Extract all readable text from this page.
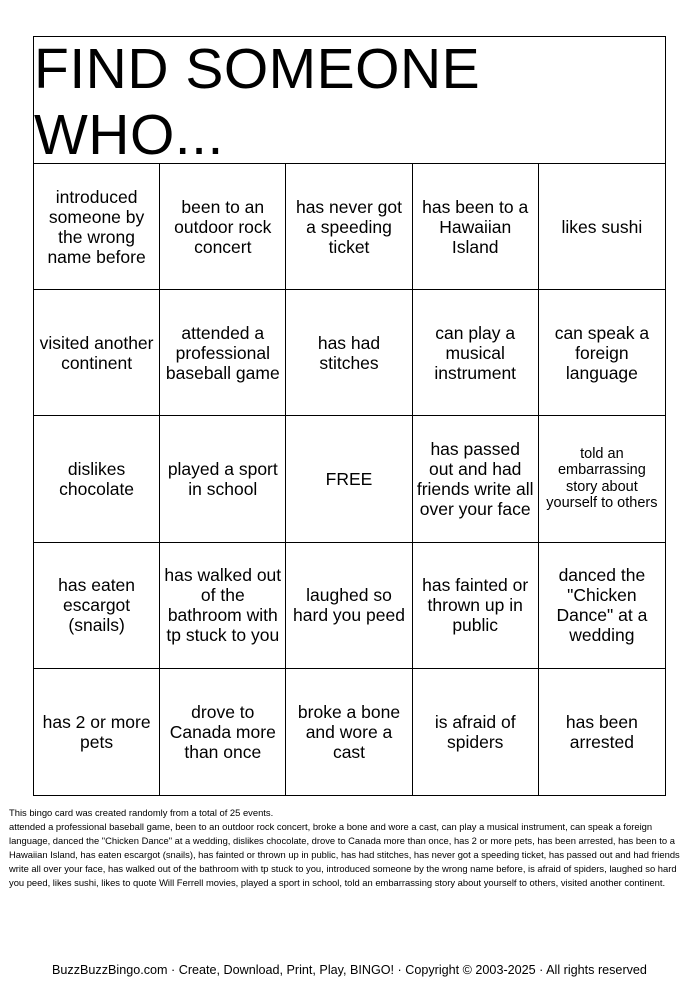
FIND SOMEONE WHO...
introduced someone by the wrong name before
been to an outdoor rock concert
has never got a speeding ticket
has been to a Hawaiian Island
likes sushi
visited another continent
attended a professional baseball game
has had stitches
can play a musical instrument
can speak a foreign language
dislikes chocolate
played a sport in school	FREE
has passed out and had friends write all over your face
told an embarrassing story about yourself to others
has eaten escargot (snails)
has walked out of the bathroom with tp stuck to you
laughed so hard you peed
has fainted or thrown up in public
danced the "Chicken Dance" at a wedding
has 2 or more pets
drove to Canada more than once
broke a bone and wore a cast
is afraid of spiders
has been arrested

This bingo card was created randomly from a total of 25 events.

attended a professional baseball game, been to an outdoor rock concert, broke a bone and wore a cast, can play a musical instrument, can speak a foreign language, danced the "Chicken Dance" at a wedding, dislikes chocolate, drove to Canada more than once, has 2 or more pets, has been arrested, has been to a Hawaiian Island, has eaten escargot (snails), has fainted or thrown up in public, has had stitches, has never got a speeding ticket, has passed out and had friends write all over your face, has walked out of the bathroom with tp stuck to you, introduced someone by the wrong name before, is afraid of spiders, laughed so hard you peed, likes sushi, likes to quote Will Ferrell movies, played a sport in school, told an embarrassing story about yourself to others, visited another continent.

BuzzBuzzBingo.com · Create, Download, Print, Play, BINGO! · Copyright © 2003-2025 · All rights reserved
